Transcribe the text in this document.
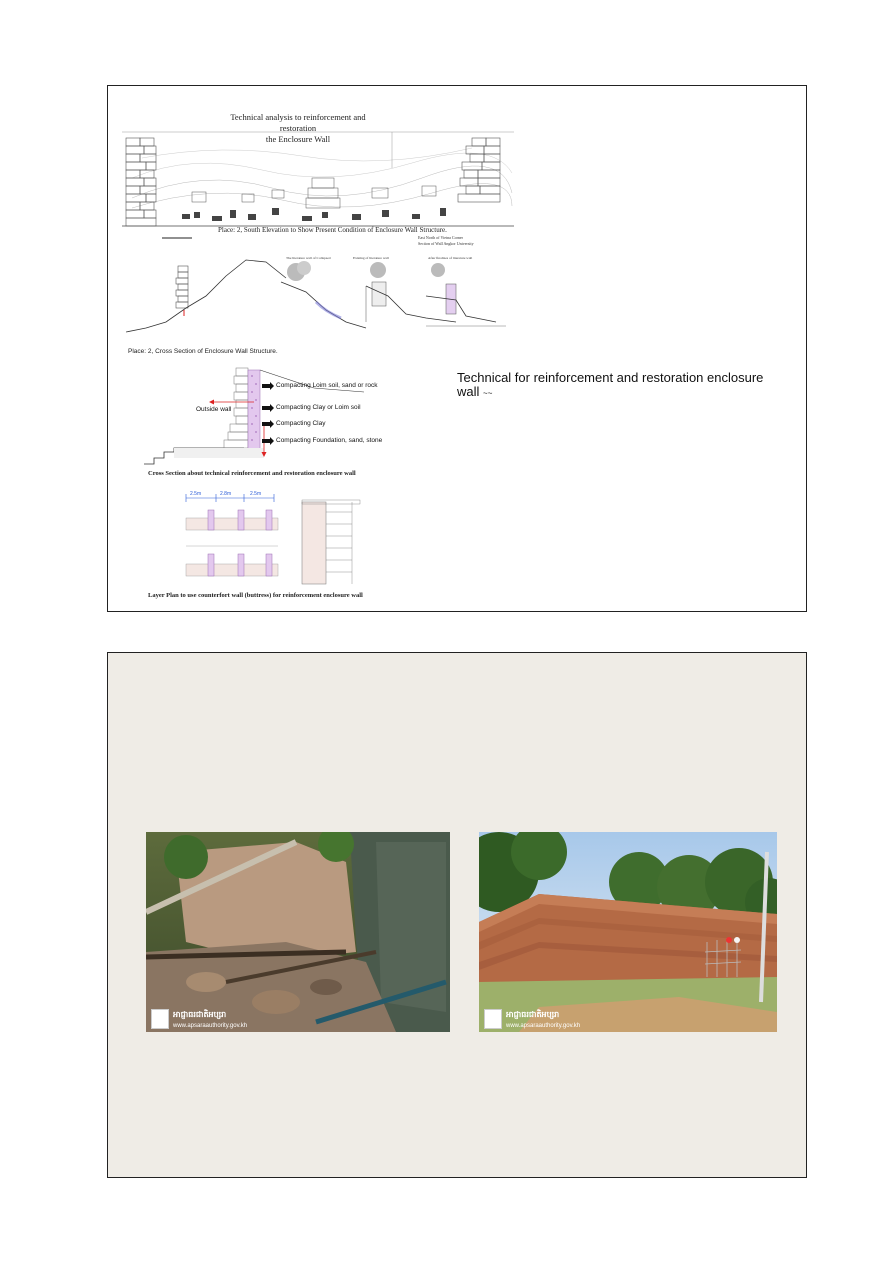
Technical analysis to reinforcement and restoration
the Enclosure Wall
Place: 2, South Elevation to Show Present Condition of Enclosure Wall Structure.
The literature wall of Collapsed	Existing of literature wall	After finalizes of literature wall
East North of Vietna Corner
Section of Wall Angkor University
Place: 2, Cross Section of Enclosure Wall Structure.
Compacting Loim soil, sand or rock
Compacting Clay or Loim soil
Compacting Clay
Compacting Foundation, sand, stone
Outside wall
Cross Section about technical reinforcement and restoration enclosure wall
2.5m	2.8m	2.5m
Layer Plan to use counterfort wall (buttress) for reinforcement enclosure wall
Technical for reinforcement and restoration enclosure wall ~~
អាជ្ញាធរជាតិអប្សរា
www.apsaraauthority.gov.kh
អាជ្ញាធរជាតិអប្សរា
www.apsaraauthority.gov.kh
